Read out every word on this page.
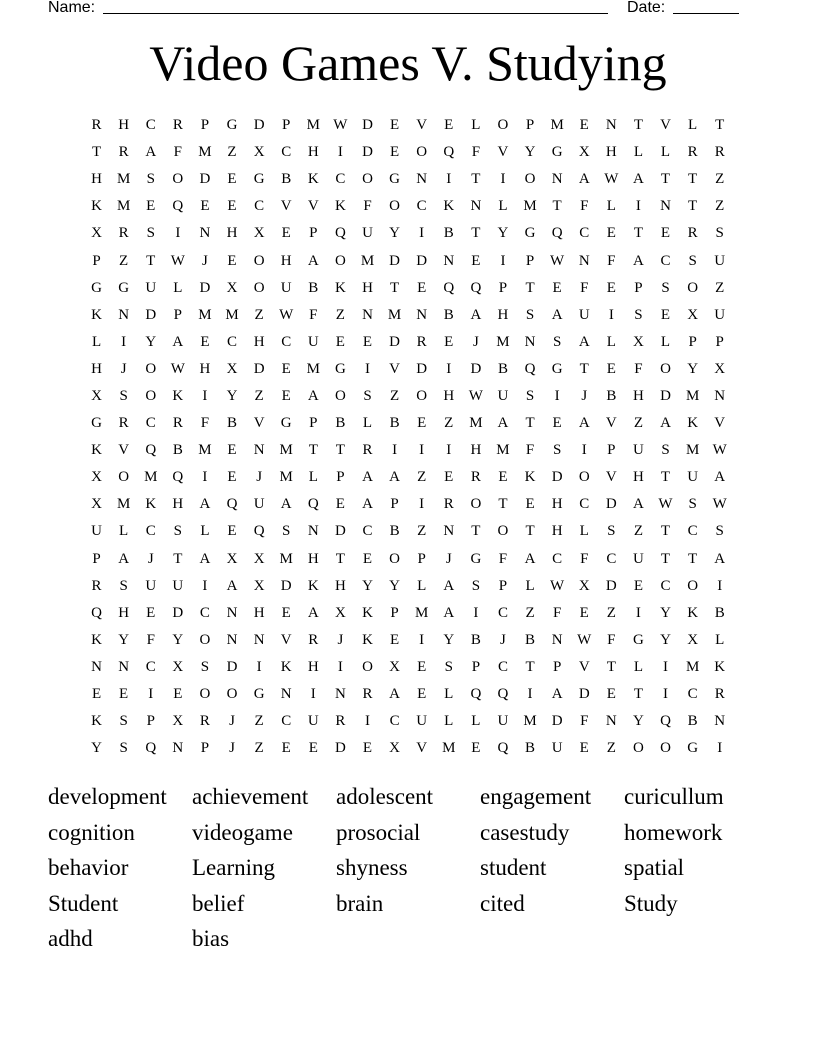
Name:	Date:
Video Games V. Studying
R	H	C	R	P	G	D	P	M W D	E	V	E	L	O	P	M	E	N	T	V	L	T
T	R	A	F	M	Z	X	C	H	I	D	E	O	Q	F	V	Y	G	X	H	L	L	R	R
H	M	S	O	D	E	G	B	K	C	O	G	N	I	T	I	O	N	A W A	T	T	Z
K	M	E	Q	E	E	C	V	V	K	F	O	C	K	N	L	M	T	F	L	I	N	T	Z
X	R	S	I	N	H	X	E	P	Q	U	Y	I	B	T	Y	G	Q	C	E	T	E	R	S
P	Z	T	W	J	E	O	H	A	O	M	D	D	N	E	I	P	W N	F	A	C	S	U
G	G	U	L	D	X	O	U	B	K	H	T	E	Q	Q	P	T	E	F	E	P	S	O	Z
K	N	D	P	M M	Z	W	F	Z	N	M	N	B	A	H	S	A	U	I	S	E	X	U
L	I	Y	A	E	C	H	C	U	E	E	D	R	E	J	M	N	S	A	L	X	L	P	P
H	J	O W H	X	D	E	M	G	I	V	D	I	D	B	Q	G	T	E	F	O	Y	X
X	S	O	K	I	Y	Z	E	A	O	S	Z	O	H W U	S	I	J	B	H	D	M	N
G	R	C	R	F	B	V	G	P	B	L	B	E	Z	M	A	T	E	A	V	Z	A	K	V
K	V	Q	B	M	E	N	M	T	T	R	I	I	I	H	M	F	S	I	P	U	S	M W
X	O	M	Q	I	E	J	M	L	P	A	A	Z	E	R	E	K	D	O	V	H	T	U	A
X	M	K	H	A	Q	U	A	Q	E	A	P	I	R	O	T	E	H	C	D	A W	S	W
U	L	C	S	L	E	Q	S	N	D	C	B	Z	N	T	O	T	H	L	S	Z	T	C	S
P	A	J	T	A	X	X	M	H	T	E	O	P	J	G	F	A	C	F	C	U	T	T	A
R	S	U	U	I	A	X	D	K	H	Y	Y	L	A	S	P	L	W X	D	E	C	O	I
Q	H	E	D	C	N	H	E	A	X	K	P	M	A	I	C	Z	F	E	Z	I	Y	K	B
K	Y	F	Y	O	N	N	V	R	J	K	E	I	Y	B	J	B	N W	F	G	Y	X	L
N	N	C	X	S	D	I	K	H	I	O	X	E	S	P	C	T	P	V	T	L	I	M	K
E	E	I	E	O	O	G	N	I	N	R	A	E	L	Q	Q	I	A	D	E	T	I	C	R
K	S	P	X	R	J	Z	C	U	R	I	C	U	L	L	U	M	D	F	N	Y	Q	B	N
Y	S	Q	N	P	J	Z	E	E	D	E	X	V	M	E	Q	B	U	E	Z	O	O	G	I
development	achievement	adolescent	engagement	curicullum
cognition	videogame	prosocial	casestudy	homework
behavior	Learning	shyness	student	spatial
Student	belief	brain	cited	Study
adhd	bias
